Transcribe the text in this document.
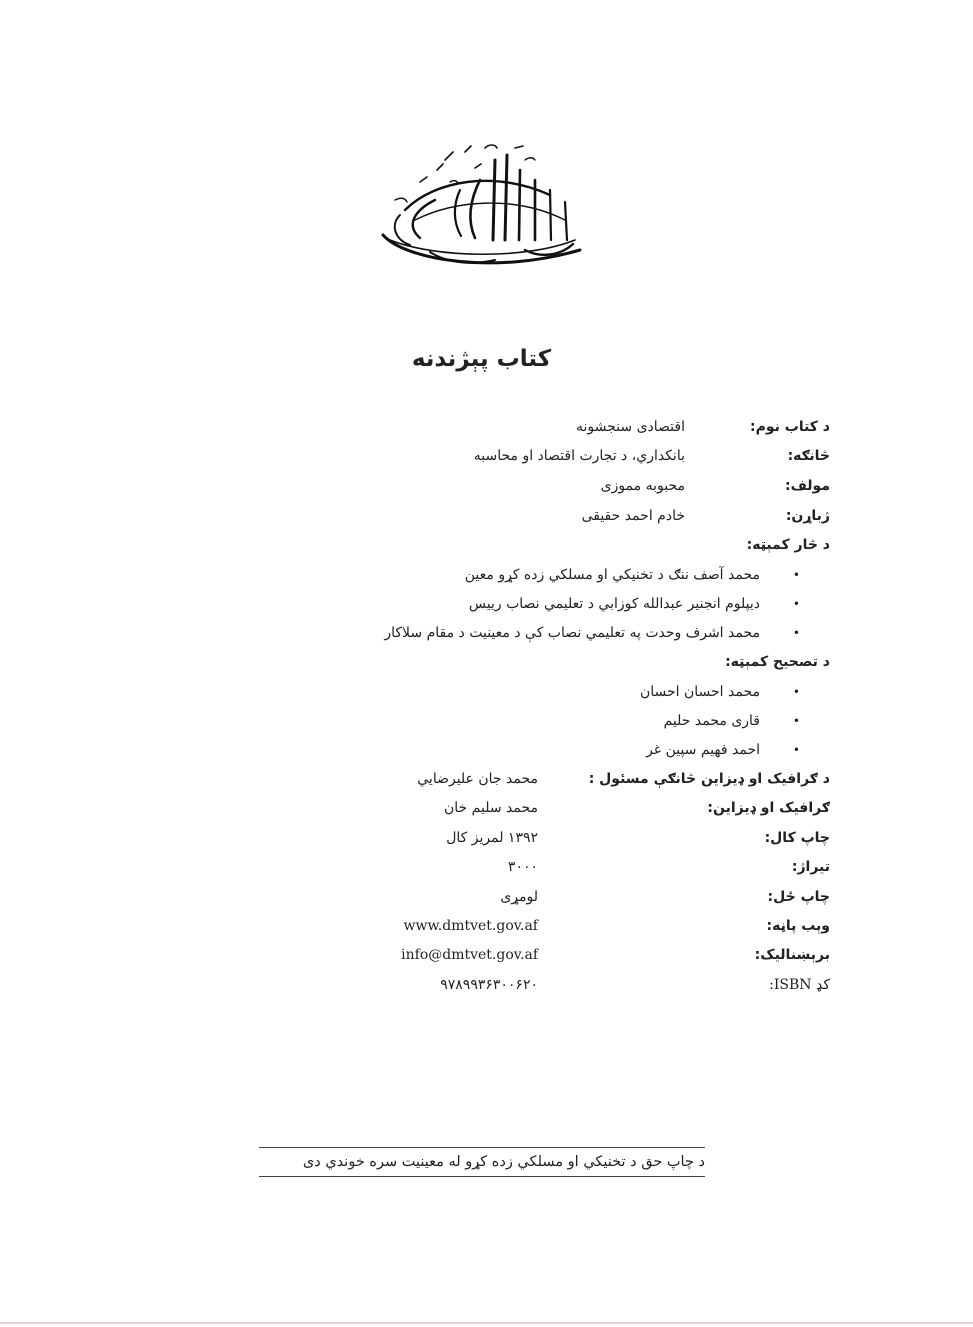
کتاب پېژندنه
د کتاب نوم:
اقتصادی سنجشونه
څانګه:
بانکداري، د تجارت اقتصاد او محاسبه
مولف:
محبوبه مموزی
ژباړن:
خادم احمد حقیقی
د څار کمېټه:
•
محمد آصف ننګ د تخنیکي او مسلکي زده کړو معین
•
دیپلوم انجنیر عبدالله کوزابي د تعلیمي نصاب رییس
•
محمد اشرف وحدت په تعلیمي نصاب کې د معینیت د مقام سلاکار
د تصحیح کمېټه:
•
محمد احسان احسان
•
قاری محمد حلیم
•
احمد فهیم سپین غر
د ګرافیک او ډیزاین څانګې مسئول :
محمد جان علیرضایي
ګرافیک او ډیزاین:
محمد سلیم خان
چاپ کال:
۱۳۹۲ لمریز کال
تیراژ:
۳۰۰۰
چاپ ځل:
لومړی
وېب پاڼه:
www.dmtvet.gov.af
برېښنالیک:
info@dmtvet.gov.af
کډ ISBN:
۹۷۸۹۹۳۶۳۰۰۶۲۰
د چاپ حق د تخنیکي او مسلکي زده کړو له معینیت سره خوندي دی
